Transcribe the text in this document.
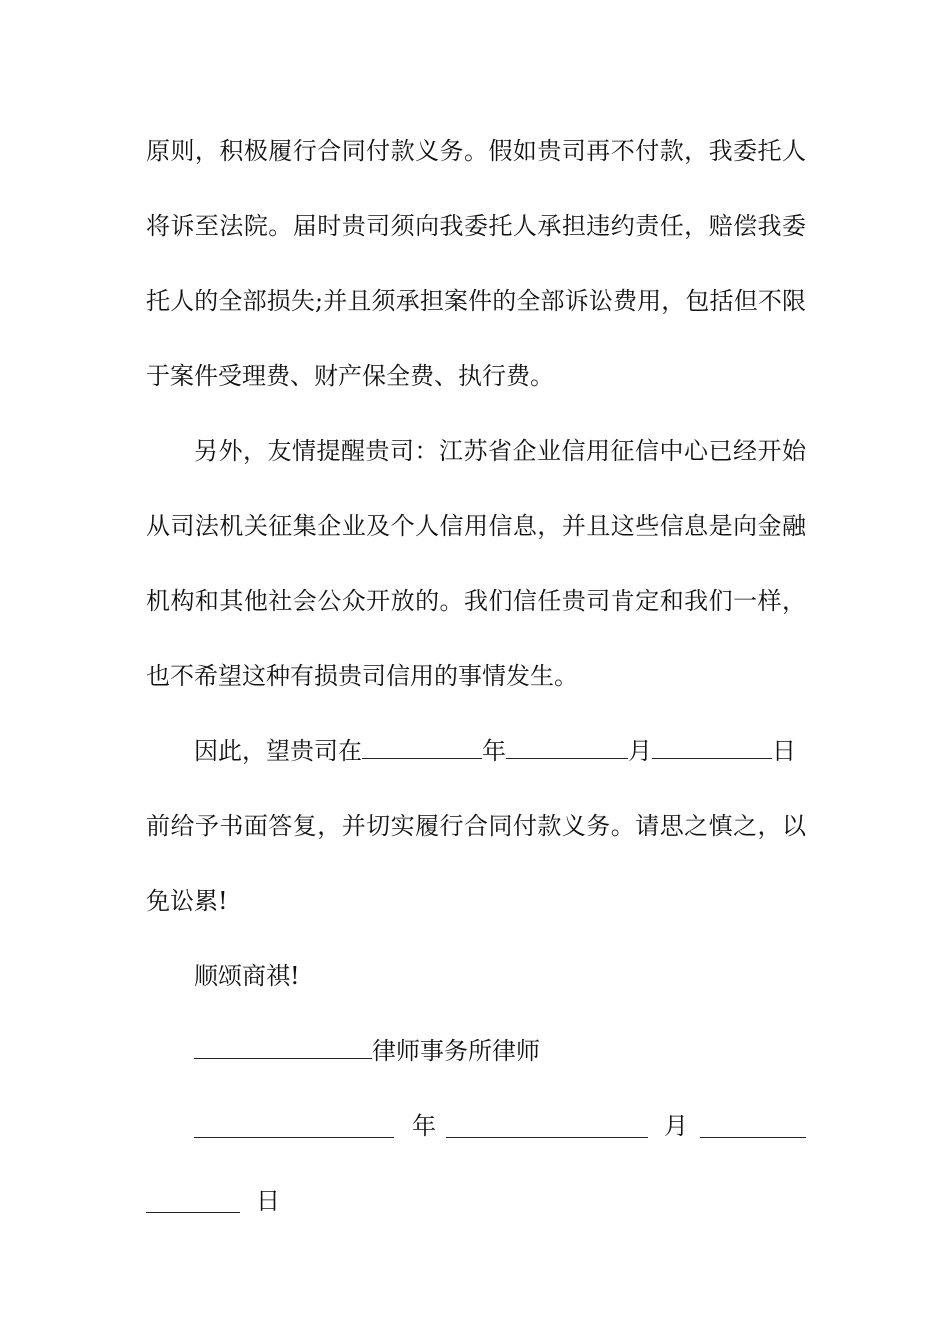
原则，积极履行合同付款义务。假如贵司再不付款，我委托人
将诉至法院。届时贵司须向我委托人承担违约责任，赔偿我委
托人的全部损失;并且须承担案件的全部诉讼费用，包括但不限
于案件受理费、财产保全费、执行费。
另外，友情提醒贵司：江苏省企业信用征信中心已经开始
从司法机关征集企业及个人信用信息，并且这些信息是向金融
机构和其他社会公众开放的。我们信任贵司肯定和我们一样，
也不希望这种有损贵司信用的事情发生。
因此，望贵司在	年	月	日
前给予书面答复，并切实履行合同付款义务。请思之慎之，以
免讼累!
顺颂商祺!
律师事务所律师
年	月
日
